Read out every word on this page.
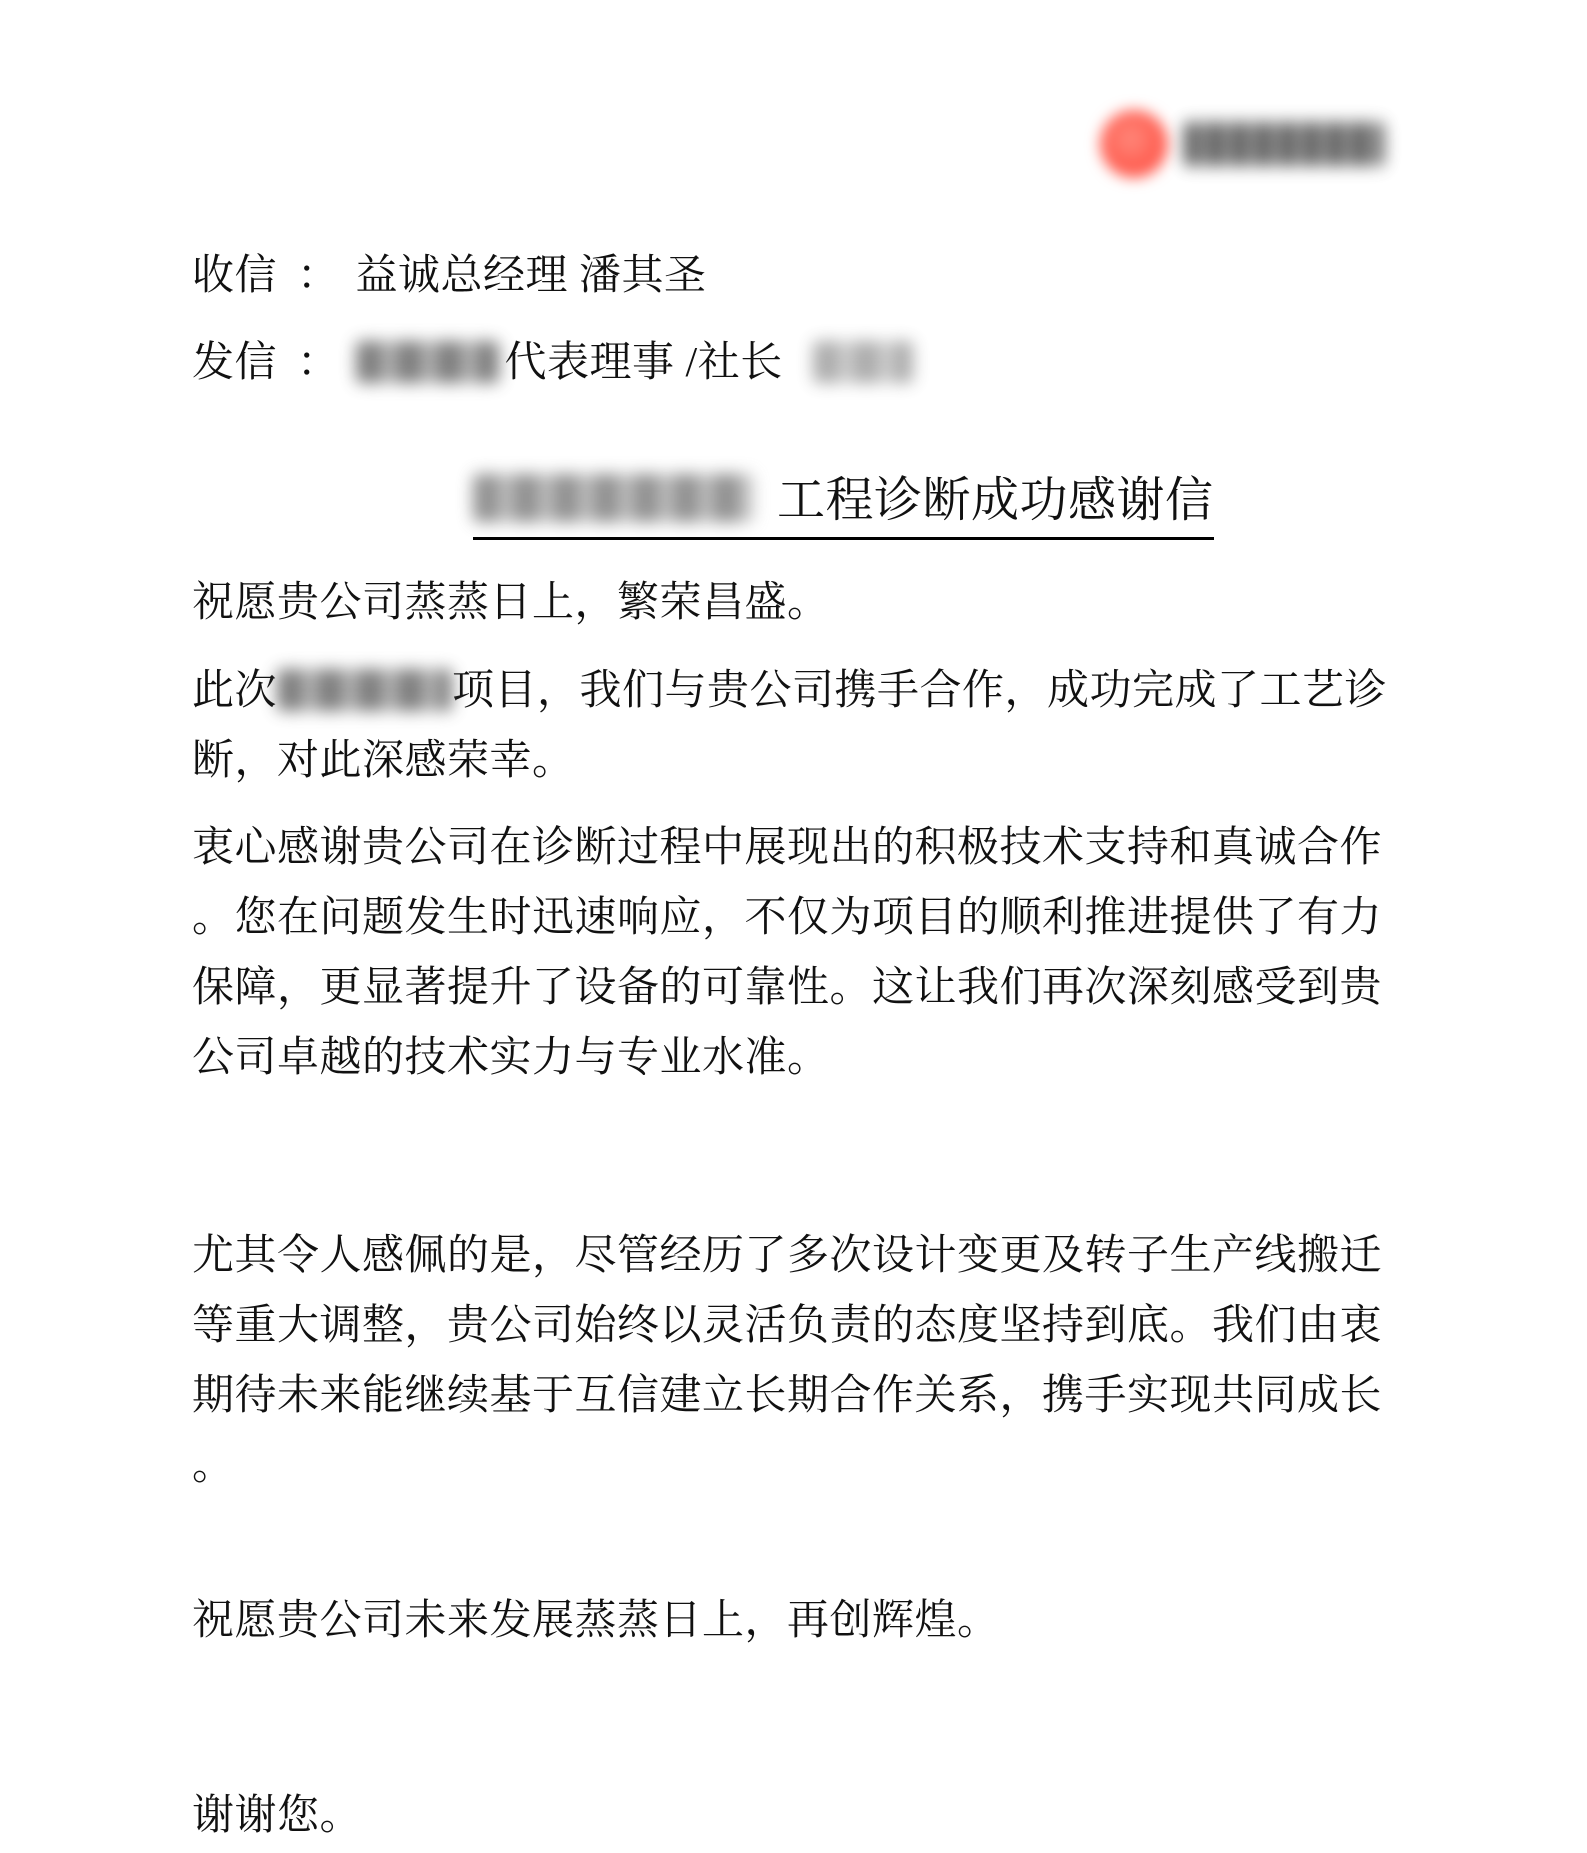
收信 ： 益诚总经理 潘其圣
发信 ：	代表理事 /社长
工程诊断成功感谢信
祝愿贵公司蒸蒸日上，繁荣昌盛。
此次	项目，我们与贵公司携手合作，成功完成了工艺诊
断，对此深感荣幸。
衷心感谢贵公司在诊断过程中展现出的积极技术支持和真诚合作
。您在问题发生时迅速响应，不仅为项目的顺利推进提供了有力
保障，更显著提升了设备的可靠性。这让我们再次深刻感受到贵
公司卓越的技术实力与专业水准。
尤其令人感佩的是，尽管经历了多次设计变更及转子生产线搬迁
等重大调整，贵公司始终以灵活负责的态度坚持到底。我们由衷
期待未来能继续基于互信建立长期合作关系，携手实现共同成长
。
祝愿贵公司未来发展蒸蒸日上，再创辉煌。
谢谢您。
